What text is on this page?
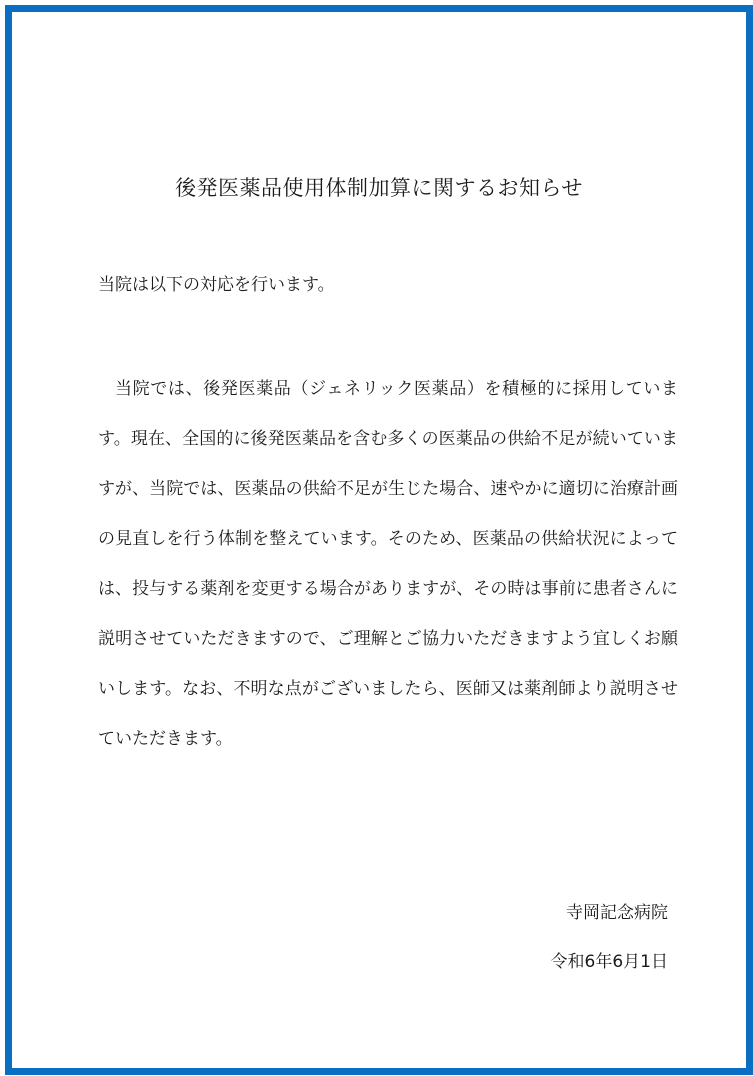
後発医薬品使用体制加算に関するお知らせ
当院は以下の対応を行います。

当院では、後発医薬品（ジェネリック医薬品）を積極的に採用しています。現在、全国的に後発医薬品を含む多くの医薬品の供給不足が続いていますが、当院では、医薬品の供給不足が生じた場合、速やかに適切に治療計画の見直しを行う体制を整えています。そのため、医薬品の供給状況によっては、投与する薬剤を変更する場合がありますが、その時は事前に患者さんに説明させていただきますので、ご理解とご協力いただきますよう宜しくお願いします。なお、不明な点がございましたら、医師又は薬剤師より説明させていただきます。

寺岡記念病院
令和6年6月1日
